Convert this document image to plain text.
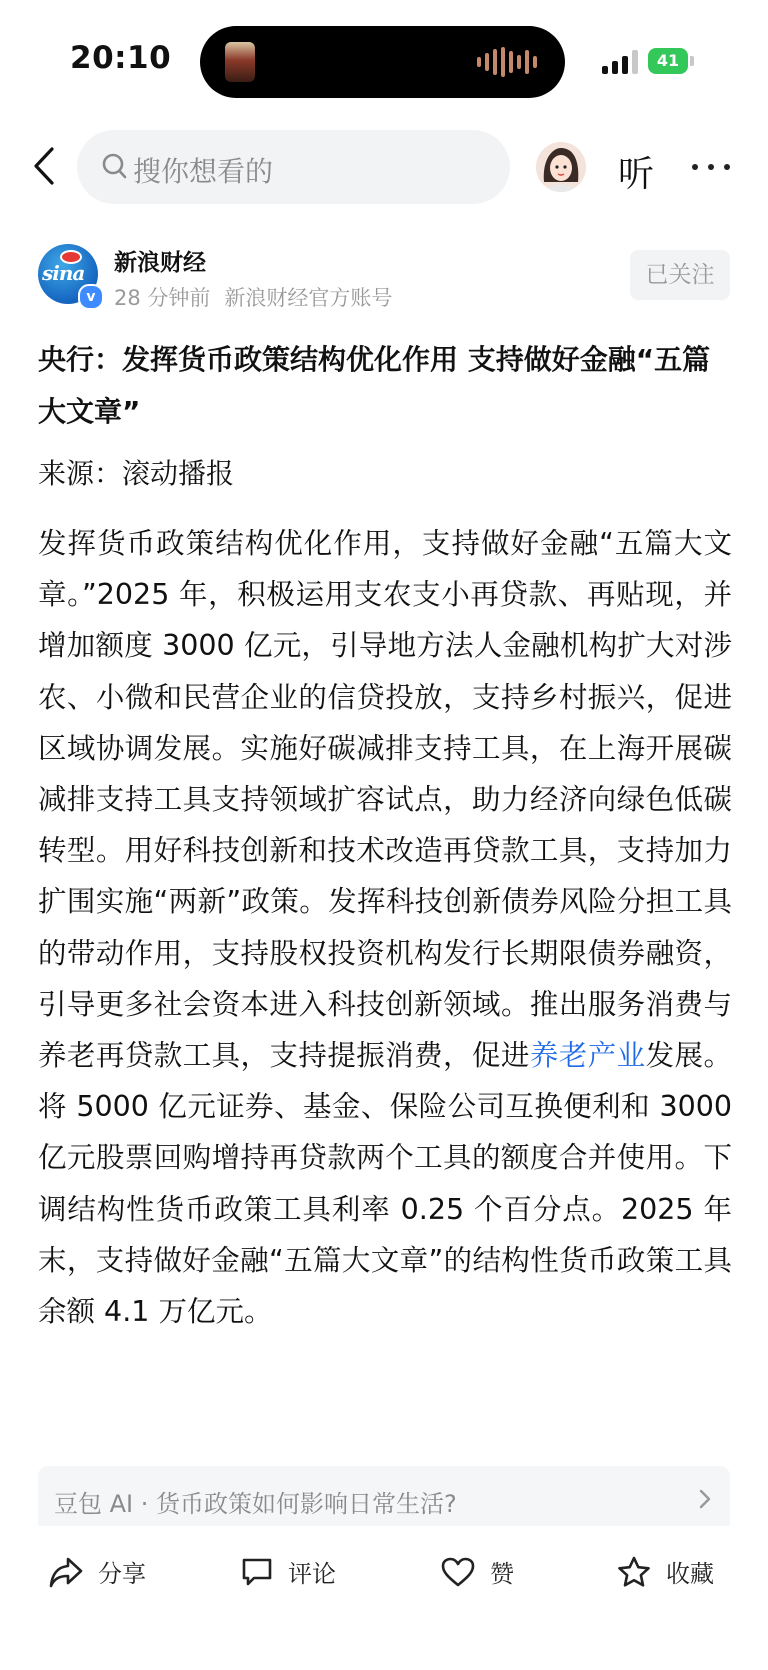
20:10	41
搜你想看的	听
sina
v
新浪财经
28 分钟前 新浪财经官方账号
已关注
央行：发挥货币政策结构优化作用 支持做好金融“五篇大文章”
来源：滚动播报
发挥货币政策结构优化作用，支持做好金融“五篇大文章。”2025 年，积极运用支农支小再贷款、再贴现，并增加额度 3000 亿元，引导地方法人金融机构扩大对涉农、小微和民营企业的信贷投放，支持乡村振兴，促进区域协调发展。实施好碳减排支持工具，在上海开展碳减排支持工具支持领域扩容试点，助力经济向绿色低碳转型。用好科技创新和技术改造再贷款工具，支持加力扩围实施“两新”政策。发挥科技创新债券风险分担工具的带动作用，支持股权投资机构发行长期限债券融资，引导更多社会资本进入科技创新领域。推出服务消费与养老再贷款工具，支持提振消费，促进养老产业发展。将 5000 亿元证券、基金、保险公司互换便利和 3000 亿元股票回购增持再贷款两个工具的额度合并使用。下调结构性货币政策工具利率 0.25 个百分点。2025 年末，支持做好金融“五篇大文章”的结构性货币政策工具余额 4.1 万亿元。
豆包 AI · 货币政策如何影响日常生活?
分享	评论	赞	收藏
